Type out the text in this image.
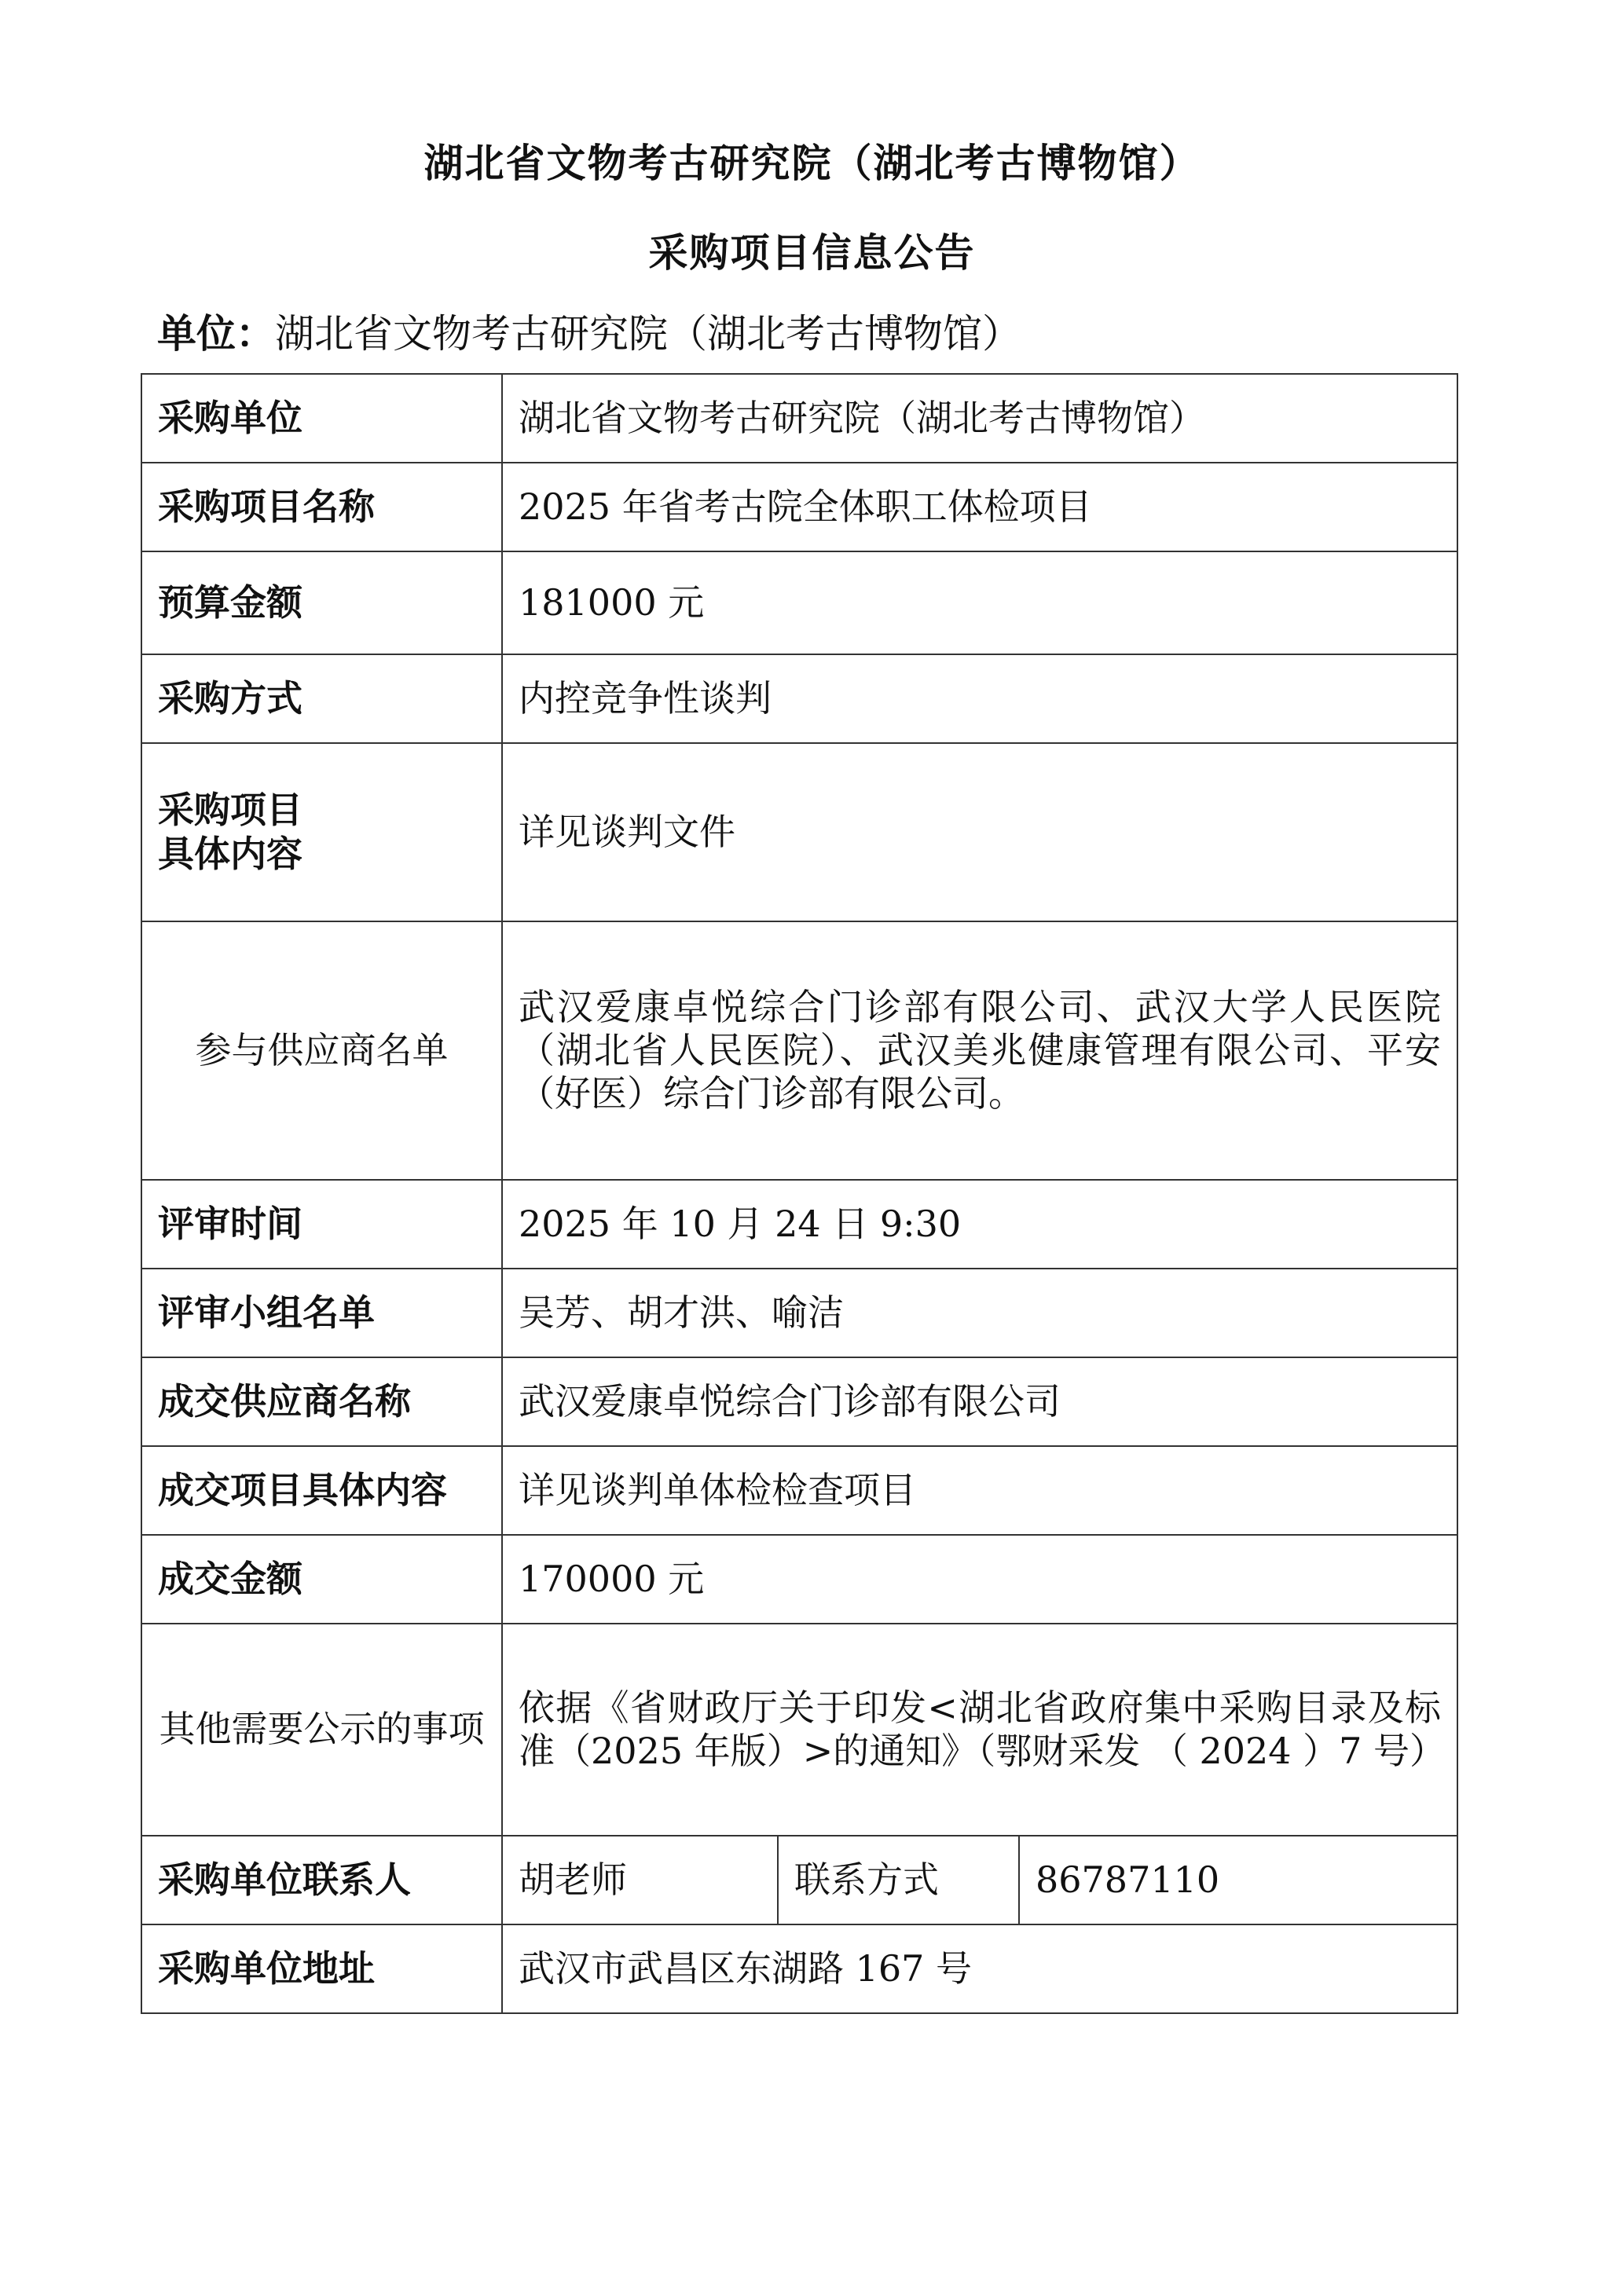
湖北省文物考古研究院（湖北考古博物馆）
采购项目信息公告
单位：湖北省文物考古研究院（湖北考古博物馆）
采购单位	湖北省文物考古研究院（湖北考古博物馆）		
采购项目名称	2025 年省考古院全体职工体检项目		
预算金额	181000 元		
采购方式	内控竞争性谈判		

采购项目
具体内容	详见谈判文件		
参与供应商名单	武汉爱康卓悦综合门诊部有限公司、武汉大学人民医院（湖北省人民医院）、武汉美兆健康管理有限公司、平安（好医）综合门诊部有限公司。		
评审时间	2025 年 10 月 24 日 9:30		
评审小组名单	吴芳、胡才洪、喻洁		
成交供应商名称	武汉爱康卓悦综合门诊部有限公司		
成交项目具体内容	详见谈判单体检检查项目		
成交金额	170000 元		
其他需要公示的事项	依据《省财政厅关于印发<湖北省政府集中采购目录及标准（2025 年版）>的通知》（鄂财采发 （ 2024 ）7 号）		
采购单位联系人	胡老师	联系方式	86787110
采购单位地址	武汉市武昌区东湖路 167 号		
